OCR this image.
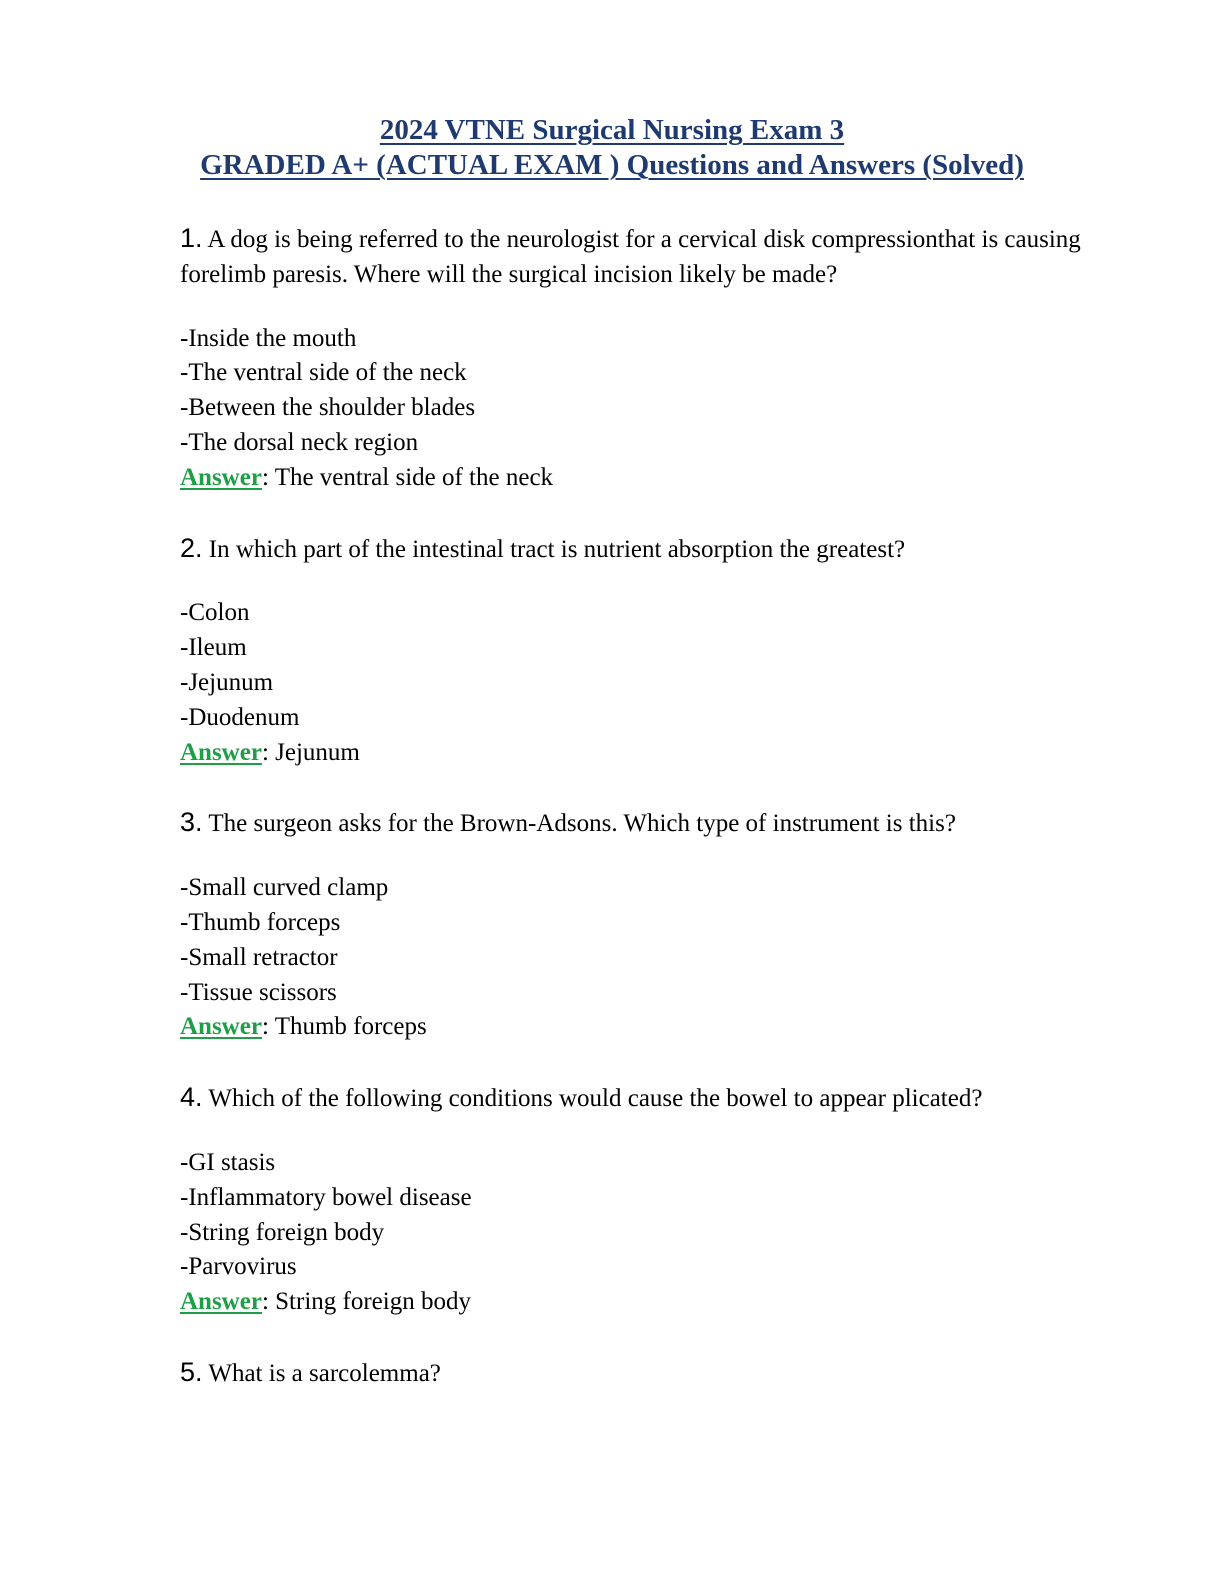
2024 VTNE Surgical Nursing Exam 3
GRADED A+ (ACTUAL EXAM ) Questions and Answers (Solved)

1. A dog is being referred to the neurologist for a cervical disk compressionthat is causing forelimb paresis. Where will the surgical incision likely be made?

-Inside the mouth
-The ventral side of the neck
-Between the shoulder blades
-The dorsal neck region

Answer: The ventral side of the neck

2. In which part of the intestinal tract is nutrient absorption the greatest?

-Colon
-Ileum
-Jejunum
-Duodenum

Answer: Jejunum

3. The surgeon asks for the Brown-Adsons. Which type of instrument is this?

-Small curved clamp
-Thumb forceps
-Small retractor
-Tissue scissors

Answer: Thumb forceps

4. Which of the following conditions would cause the bowel to appear plicated?

-GI stasis
-Inflammatory bowel disease
-String foreign body
-Parvovirus

Answer: String foreign body

5. What is a sarcolemma?
